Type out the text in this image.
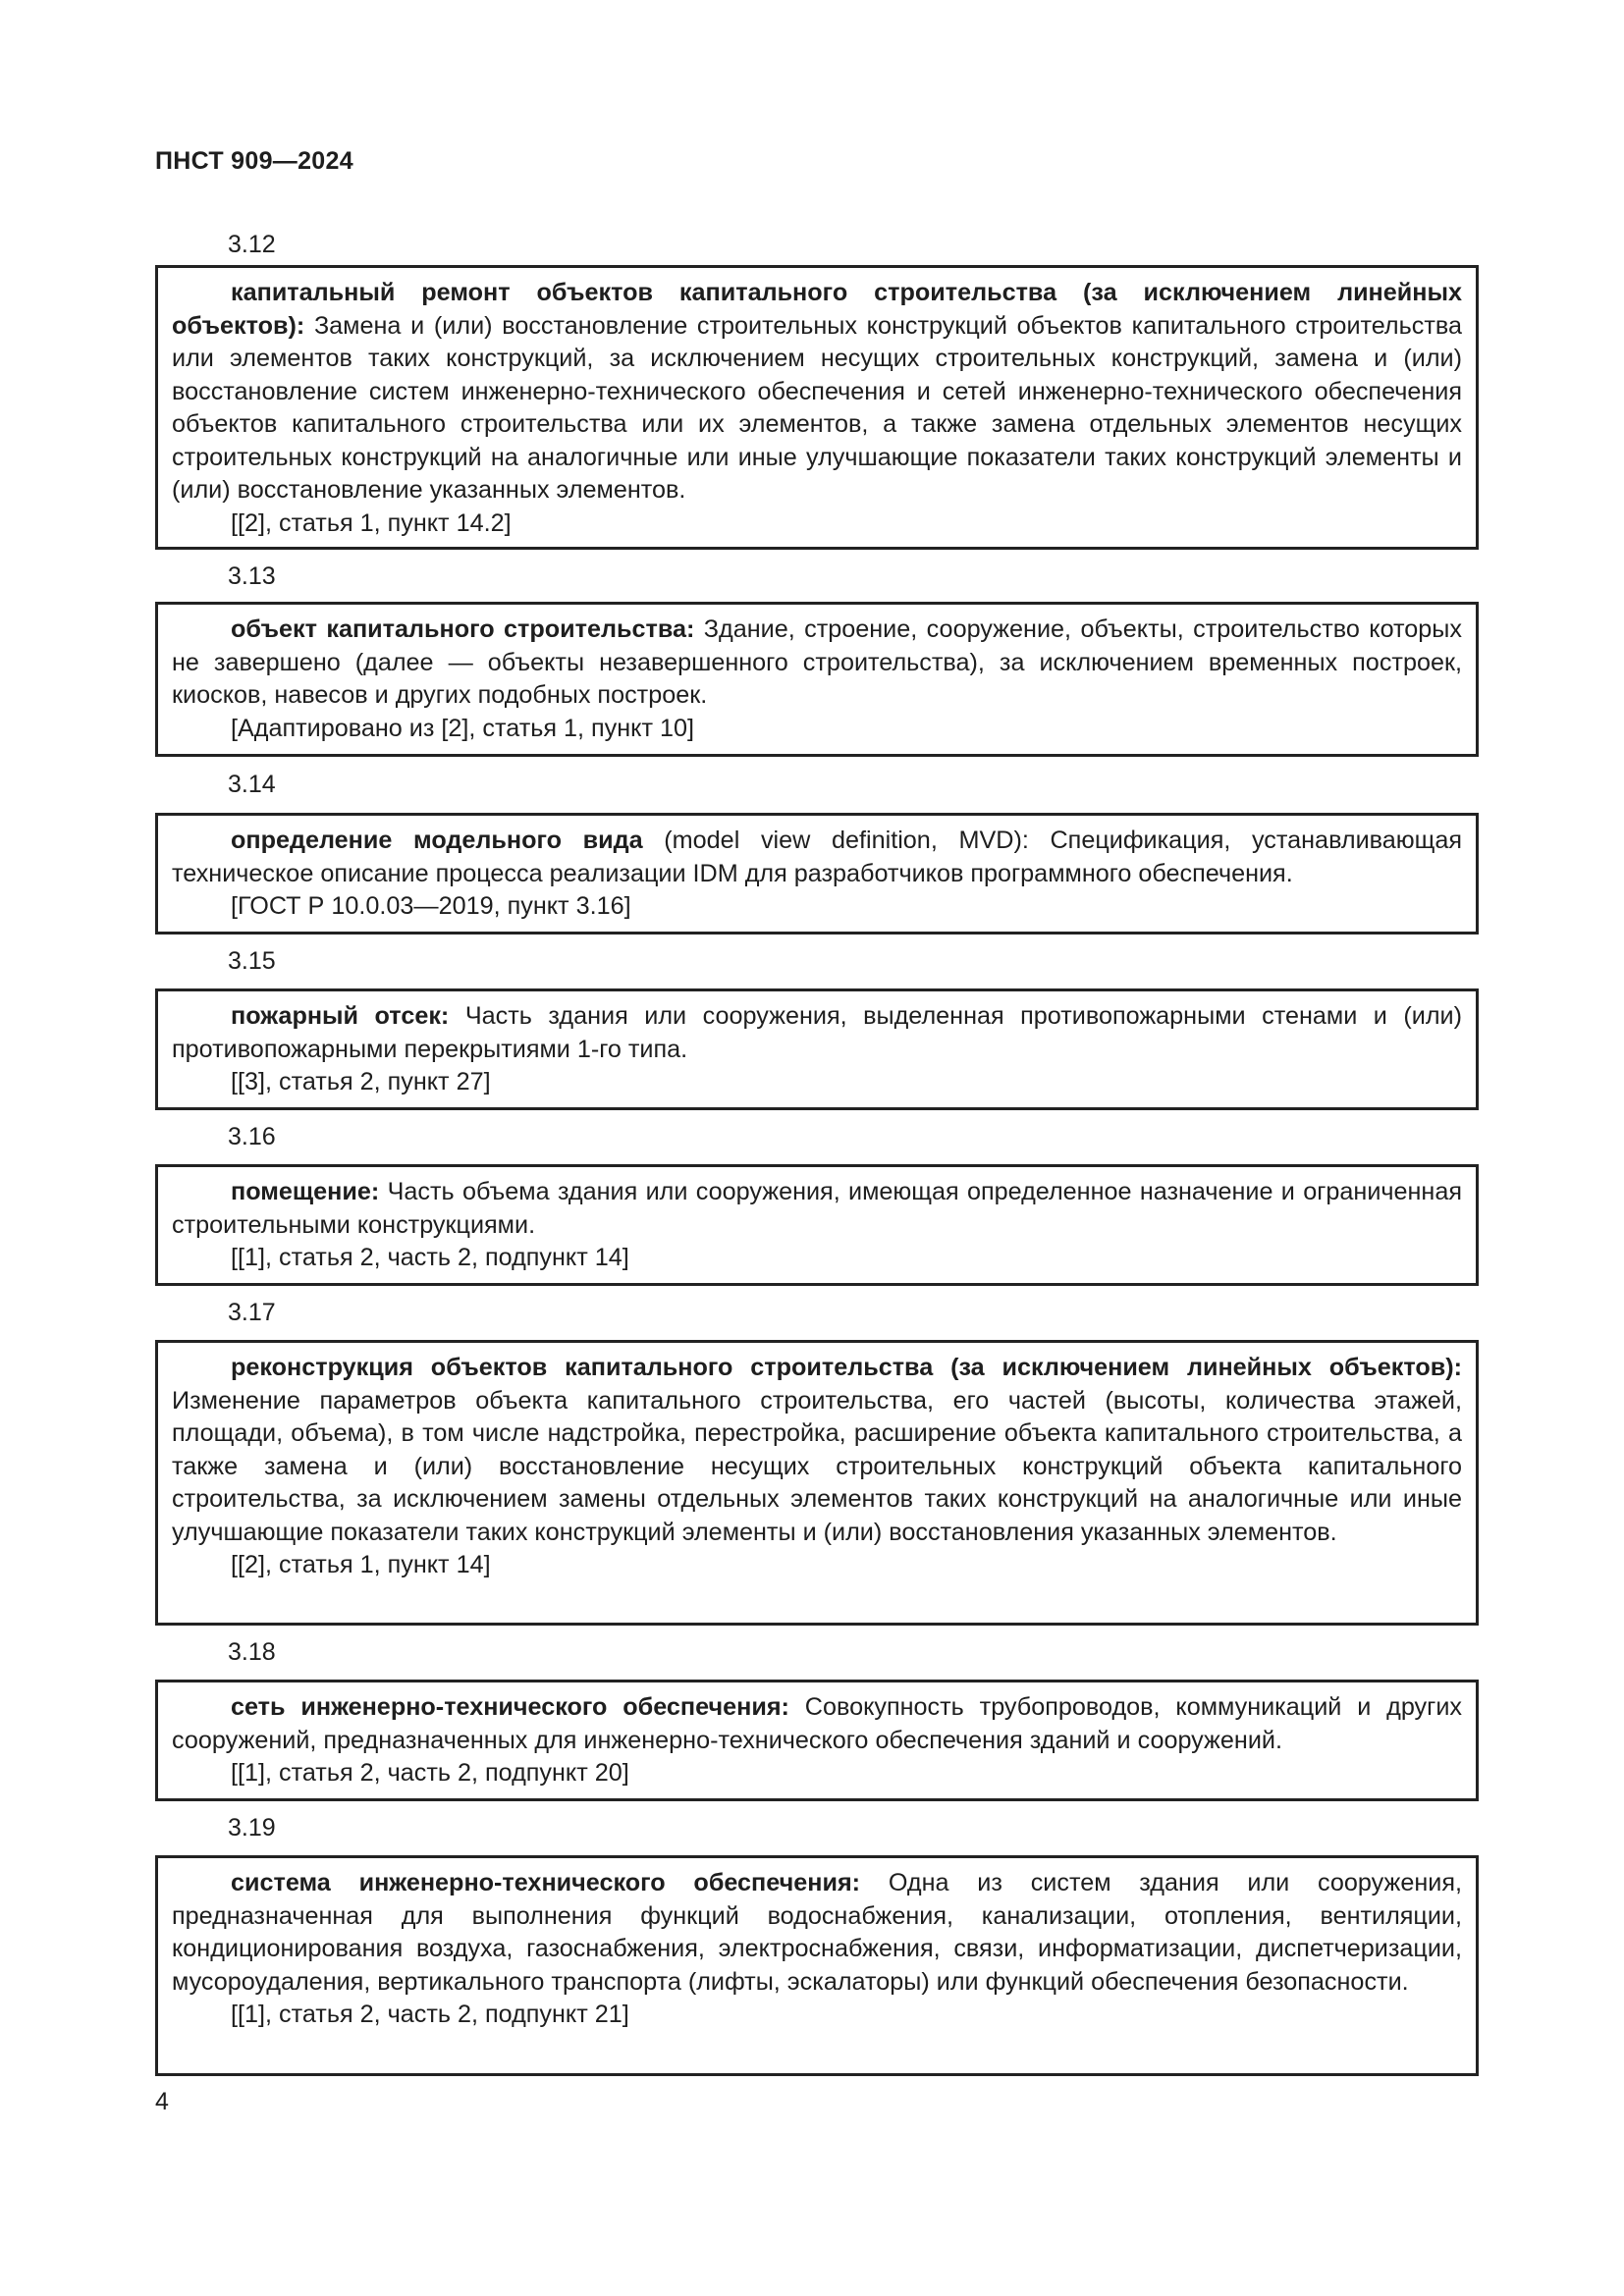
ПНСТ 909—2024
3.12

капитальный ремонт объектов капитального строительства (за исключением линейных объектов): Замена и (или) восстановление строительных конструкций объектов капитального строительства или элементов таких конструкций, за исключением несущих строительных конструкций, замена и (или) восстановление систем инженерно-технического обеспечения и сетей инженерно-технического обеспечения объектов капитального строительства или их элементов, а также замена отдельных элементов несущих строительных конструкций на аналогичные или иные улучшающие показатели таких конструкций элементы и (или) восстановление указанных элементов.

[[2], статья 1, пункт 14.2]

3.13

объект капитального строительства: Здание, строение, сооружение, объекты, строительство которых не завершено (далее — объекты незавершенного строительства), за исключением временных построек, киосков, навесов и других подобных построек.

[Адаптировано из [2], статья 1, пункт 10]

3.14

определение модельного вида (model view definition, MVD): Спецификация, устанавливающая техническое описание процесса реализации IDM для разработчиков программного обеспечения.

[ГОСТ Р 10.0.03—2019, пункт 3.16]

3.15

пожарный отсек: Часть здания или сооружения, выделенная противопожарными стенами и (или) противопожарными перекрытиями 1-го типа.

[[3], статья 2, пункт 27]

3.16

помещение: Часть объема здания или сооружения, имеющая определенное назначение и ограниченная строительными конструкциями.

[[1], статья 2, часть 2, подпункт 14]

3.17

реконструкция объектов капитального строительства (за исключением линейных объектов): Изменение параметров объекта капитального строительства, его частей (высоты, количества этажей, площади, объема), в том числе надстройка, перестройка, расширение объекта капитального строительства, а также замена и (или) восстановление несущих строительных конструкций объекта капитального строительства, за исключением замены отдельных элементов таких конструкций на аналогичные или иные улучшающие показатели таких конструкций элементы и (или) восстановления указанных элементов.

[[2], статья 1, пункт 14]

3.18

сеть инженерно-технического обеспечения: Совокупность трубопроводов, коммуникаций и других сооружений, предназначенных для инженерно-технического обеспечения зданий и сооружений.

[[1], статья 2, часть 2, подпункт 20]

3.19

система инженерно-технического обеспечения: Одна из систем здания или сооружения, предназначенная для выполнения функций водоснабжения, канализации, отопления, вентиляции, кондиционирования воздуха, газоснабжения, электроснабжения, связи, информатизации, диспетчеризации, мусороудаления, вертикального транспорта (лифты, эскалаторы) или функций обеспечения безопасности.

[[1], статья 2, часть 2, подпункт 21]

4
